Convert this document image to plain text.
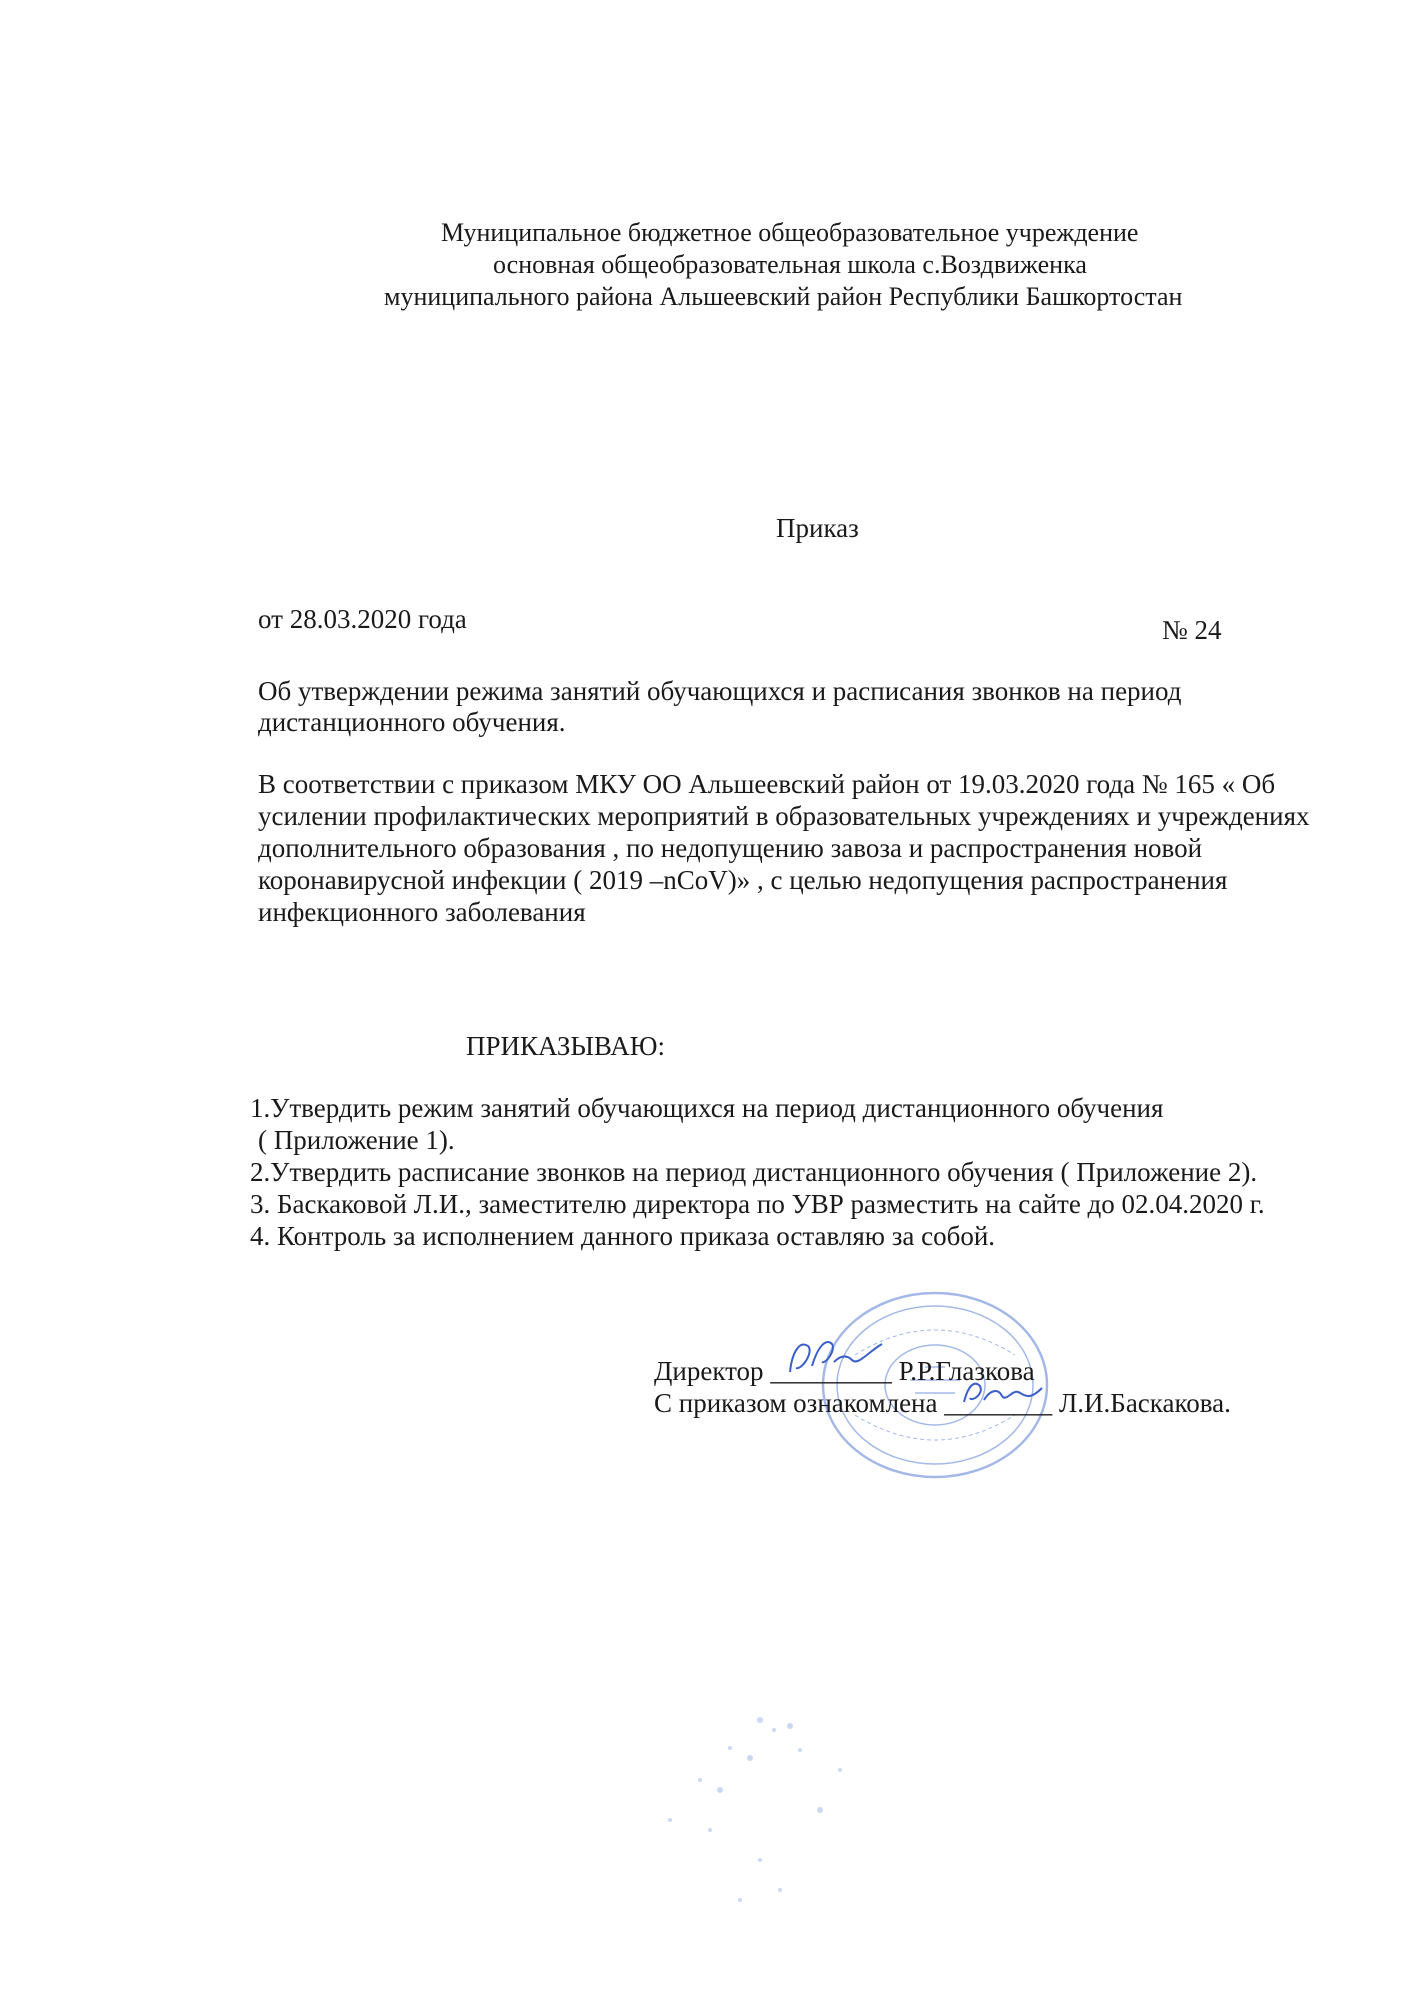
Муниципальное бюджетное общеобразовательное учреждение
основная общеобразовательная школа с.Воздвиженка
муниципального района Альшеевский район Республики Башкортостан
Приказ
от 28.03.2020 года	№ 24
Об утверждении режима занятий обучающихся и расписания звонков на период
дистанционного обучения.
В соответствии с приказом МКУ ОО Альшеевский район от 19.03.2020 года № 165 « Об
усилении профилактических мероприятий в образовательных учреждениях и учреждениях
дополнительного образования , по недопущению завоза и распространения новой
коронавирусной инфекции ( 2019 –nCoV)» , с целью недопущения распространения
инфекционного заболевания
ПРИКАЗЫВАЮ:
1.Утвердить режим занятий обучающихся на период дистанционного обучения
( Приложение 1).
2.Утвердить расписание звонков на период дистанционного обучения ( Приложение 2).
3. Баскаковой Л.И., заместителю директора по УВР разместить на сайте до 02.04.2020 г.
4. Контроль за исполнением данного приказа оставляю за собой.
Директор _________ Р.Р.Глазкова
С приказом ознакомлена ________ Л.И.Баскакова.
